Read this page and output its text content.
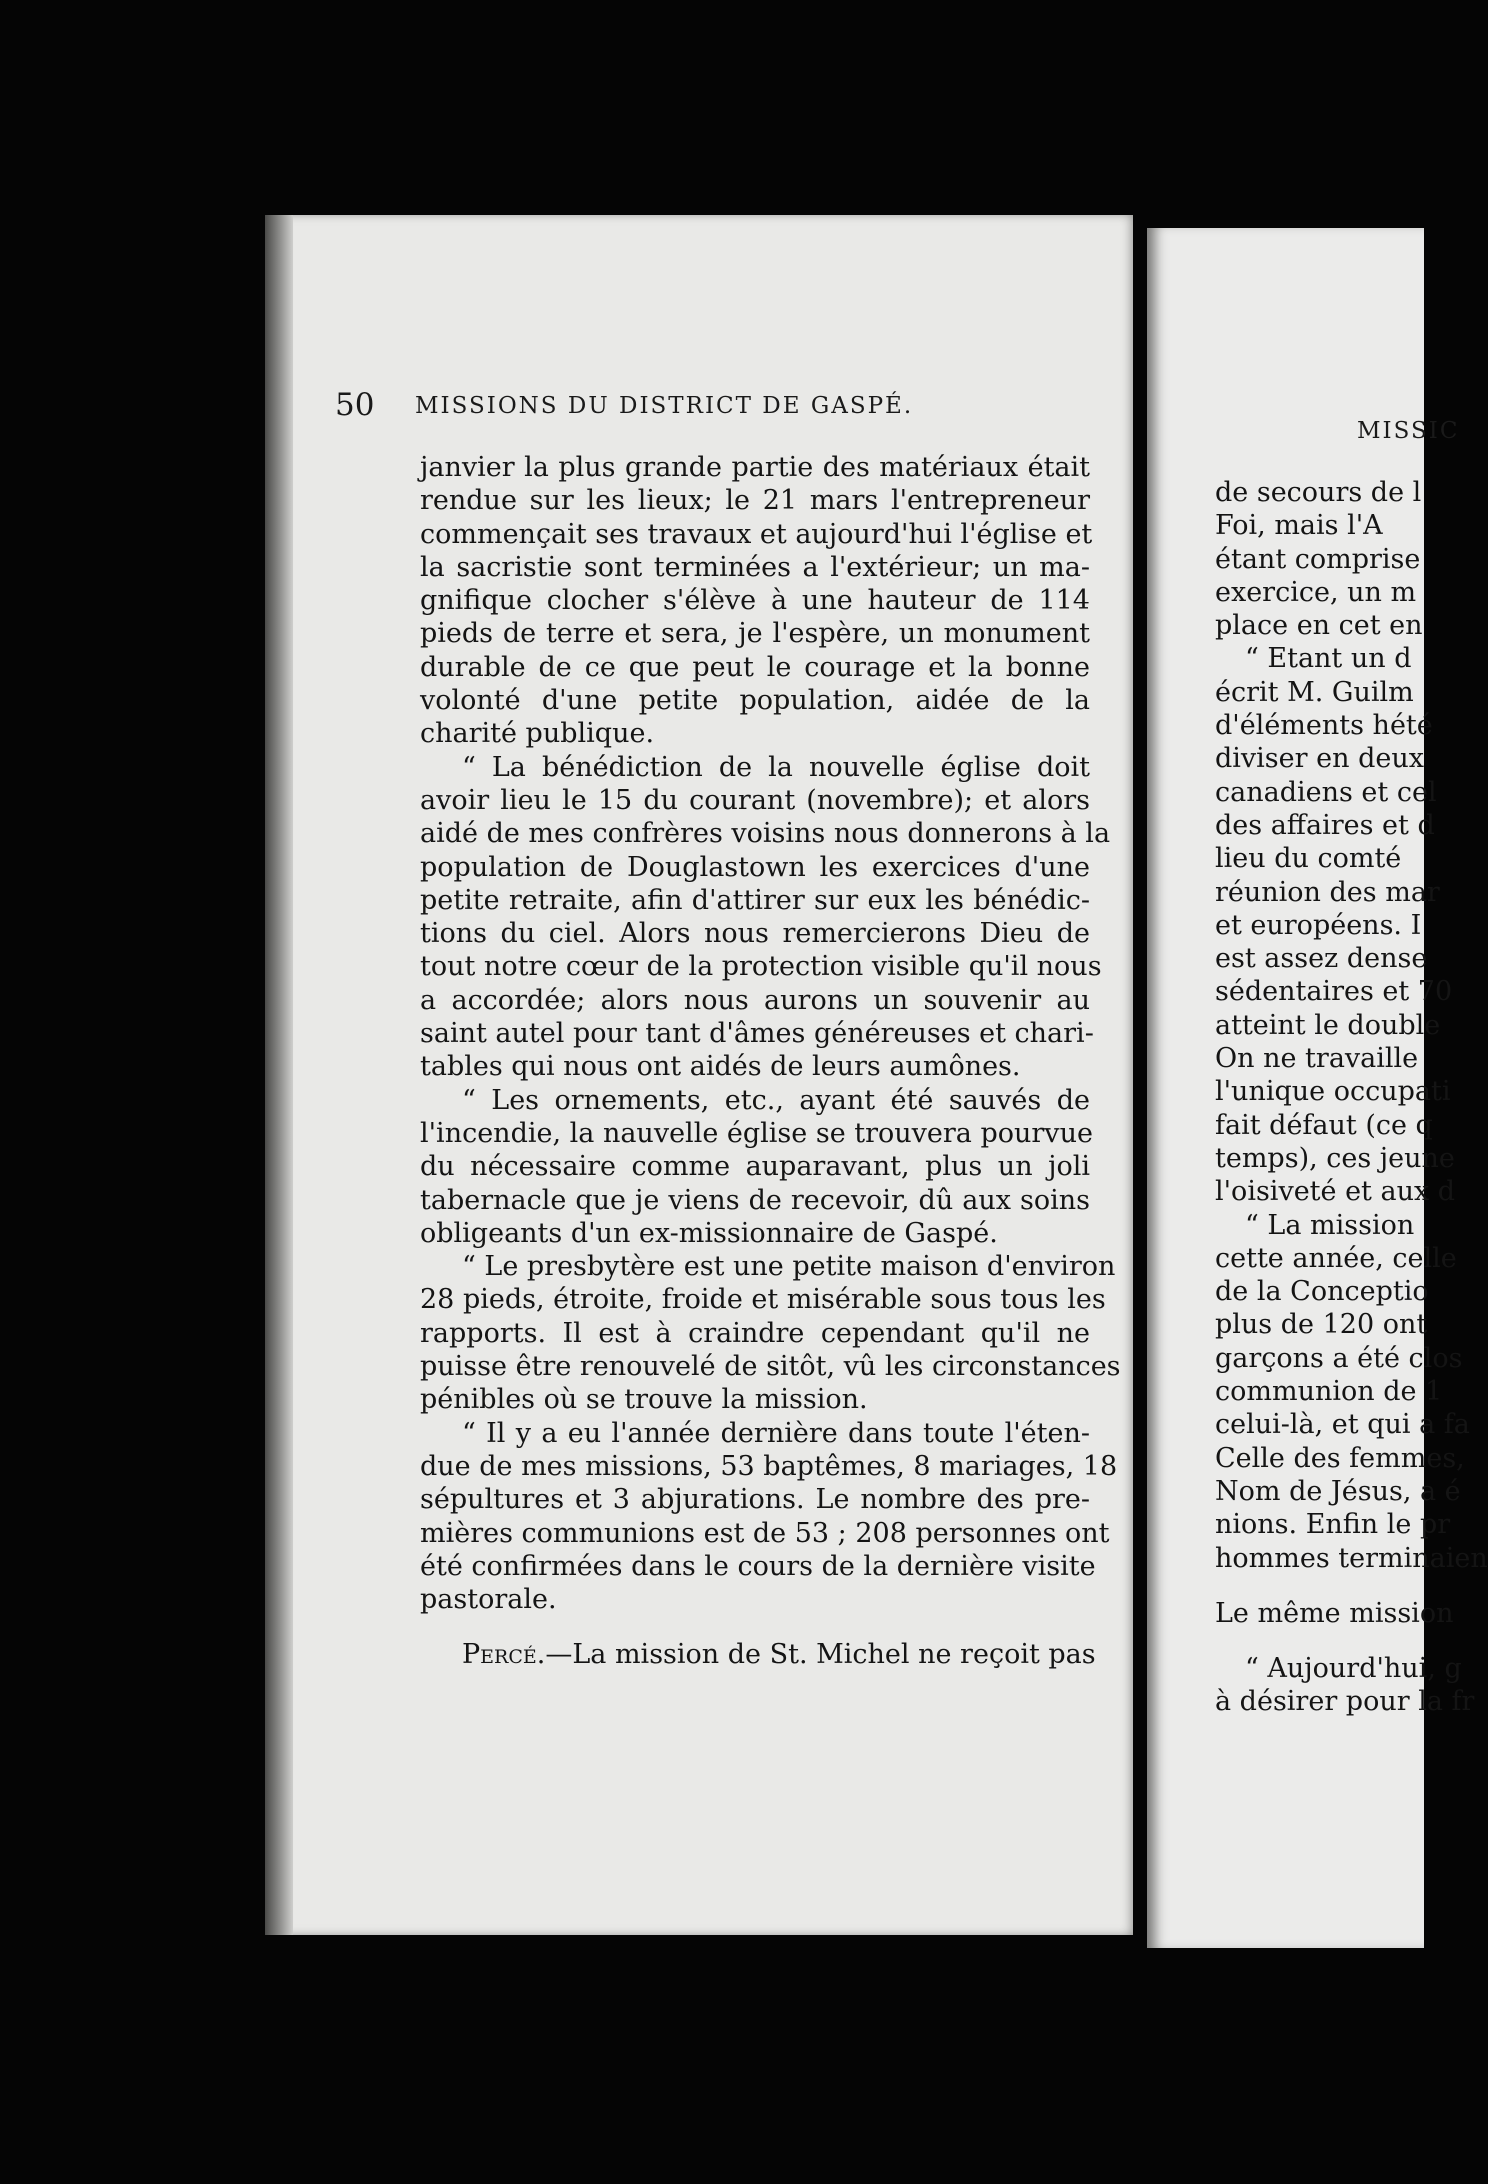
50 MISSIONS DU DISTRICT DE GASPÉ.
janvier la plus grande partie des matériaux était
rendue sur les lieux; le 21 mars l'entrepreneur
commençait ses travaux et aujourd'hui l'église et
la sacristie sont terminées a l'extérieur; un ma-
gnifique clocher s'élève à une hauteur de 114
pieds de terre et sera, je l'espère, un monument
durable de ce que peut le courage et la bonne
volonté d'une petite population, aidée de la
charité publique.
“ La bénédiction de la nouvelle église doit
avoir lieu le 15 du courant (novembre); et alors
aidé de mes confrères voisins nous donnerons à la
population de Douglastown les exercices d'une
petite retraite, afin d'attirer sur eux les bénédic-
tions du ciel. Alors nous remercierons Dieu de
tout notre cœur de la protection visible qu'il nous
a accordée; alors nous aurons un souvenir au
saint autel pour tant d'âmes généreuses et chari-
tables qui nous ont aidés de leurs aumônes.
“ Les ornements, etc., ayant été sauvés de
l'incendie, la nauvelle église se trouvera pourvue
du nécessaire comme auparavant, plus un joli
tabernacle que je viens de recevoir, dû aux soins
obligeants d'un ex-missionnaire de Gaspé.
“ Le presbytère est une petite maison d'environ
28 pieds, étroite, froide et misérable sous tous les
rapports. Il est à craindre cependant qu'il ne
puisse être renouvelé de sitôt, vû les circonstances
pénibles où se trouve la mission.
“ Il y a eu l'année dernière dans toute l'éten-
due de mes missions, 53 baptêmes, 8 mariages, 18
sépultures et 3 abjurations. Le nombre des pre-
mières communions est de 53 ; 208 personnes ont
été confirmées dans le cours de la dernière visite
pastorale.
Percé.—La mission de St. Michel ne reçoit pas
MISSIC
de secours de l
Foi, mais l'A
étant comprise
exercice, un m
place en cet en
“ Etant un d
écrit M. Guilm
d'éléments hété
diviser en deux
canadiens et cel
des affaires et d
lieu du comté
réunion des mar
et européens. I
est assez dense
sédentaires et 70
atteint le double
On ne travaille
l'unique occupati
fait défaut (ce q
temps), ces jeune
l'oisiveté et aux d
“ La mission
cette année, celle
de la Conceptio
plus de 120 ont
garçons a été clos
communion de 1
celui-là, et qui a fa
Celle des femmes,
Nom de Jésus, a é
nions. Enfin le pr
hommes terminaien
Le même mission
“ Aujourd'hui, g
à désirer pour la fr
